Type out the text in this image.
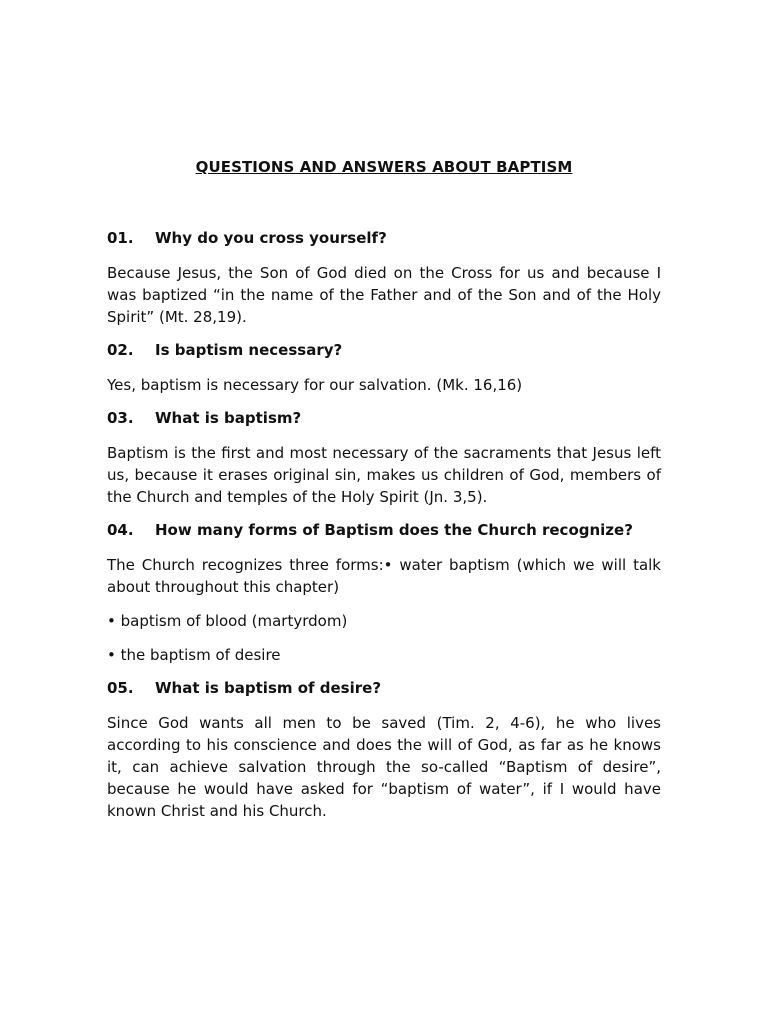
QUESTIONS AND ANSWERS ABOUT BAPTISM
01.	Why do you cross yourself?

Because Jesus, the Son of God died on the Cross for us and because I was baptized “in the name of the Father and of the Son and of the Holy Spirit” (Mt. 28,19).

02.	Is baptism necessary?

Yes, baptism is necessary for our salvation. (Mk. 16,16)

03.	What is baptism?

Baptism is the first and most necessary of the sacraments that Jesus left us, because it erases original sin, makes us children of God, members of the Church and temples of the Holy Spirit (Jn. 3,5).

04.	How many forms of Baptism does the Church recognize?

The Church recognizes three forms:• water baptism (which we will talk about throughout this chapter)

• baptism of blood (martyrdom)

• the baptism of desire

05.	What is baptism of desire?

Since God wants all men to be saved (Tim. 2, 4-6), he who lives according to his conscience and does the will of God, as far as he knows it, can achieve salvation through the so-called “Baptism of desire”, because he would have asked for “baptism of water”, if I would have known Christ and his Church.
